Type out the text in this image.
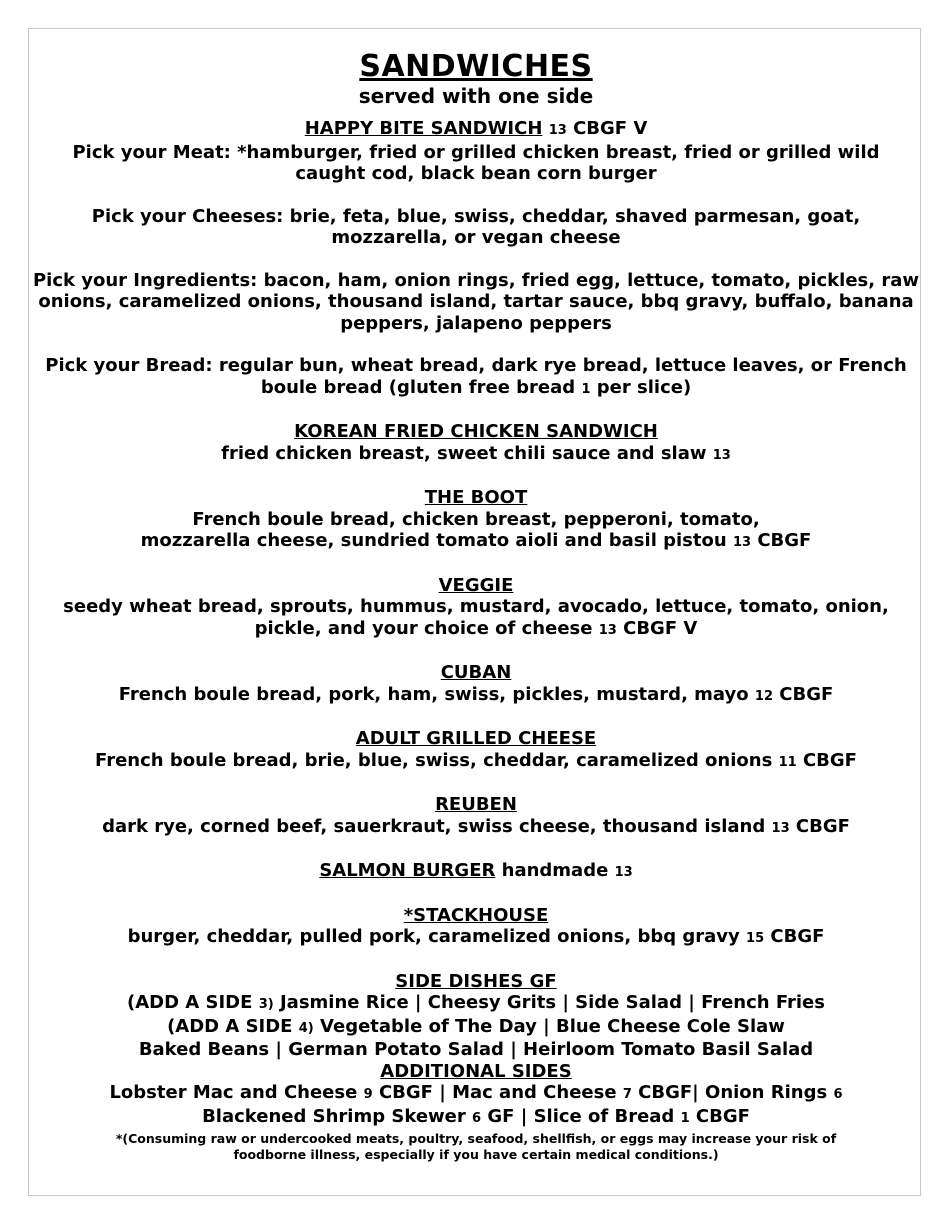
SANDWICHES
served with one side
HAPPY BITE SANDWICH 13 CBGF V
Pick your Meat: *hamburger, fried or grilled chicken breast, fried or grilled wild
caught cod, black bean corn burger
Pick your Cheeses: brie, feta, blue, swiss, cheddar, shaved parmesan, goat,
mozzarella, or vegan cheese
Pick your Ingredients: bacon, ham, onion rings, fried egg, lettuce, tomato, pickles, raw
onions, caramelized onions, thousand island, tartar sauce, bbq gravy, buffalo, banana
peppers, jalapeno peppers
Pick your Bread: regular bun, wheat bread, dark rye bread, lettuce leaves, or French
boule bread (gluten free bread 1 per slice)
KOREAN FRIED CHICKEN SANDWICH
fried chicken breast, sweet chili sauce and slaw 13
THE BOOT
French boule bread, chicken breast, pepperoni, tomato,
mozzarella cheese, sundried tomato aioli and basil pistou 13 CBGF
VEGGIE
seedy wheat bread, sprouts, hummus, mustard, avocado, lettuce, tomato, onion,
pickle, and your choice of cheese 13 CBGF V
CUBAN
French boule bread, pork, ham, swiss, pickles, mustard, mayo 12 CBGF
ADULT GRILLED CHEESE
French boule bread, brie, blue, swiss, cheddar, caramelized onions 11 CBGF
REUBEN
dark rye, corned beef, sauerkraut, swiss cheese, thousand island 13 CBGF
SALMON BURGER handmade 13
*STACKHOUSE
burger, cheddar, pulled pork, caramelized onions, bbq gravy 15 CBGF
SIDE DISHES GF
(ADD A SIDE 3) Jasmine Rice | Cheesy Grits | Side Salad | French Fries
(ADD A SIDE 4) Vegetable of The Day | Blue Cheese Cole Slaw
Baked Beans | German Potato Salad | Heirloom Tomato Basil Salad
ADDITIONAL SIDES
Lobster Mac and Cheese 9 CBGF | Mac and Cheese 7 CBGF| Onion Rings 6
Blackened Shrimp Skewer 6 GF | Slice of Bread 1 CBGF
*(Consuming raw or undercooked meats, poultry, seafood, shellfish, or eggs may increase your risk of
foodborne illness, especially if you have certain medical conditions.)
